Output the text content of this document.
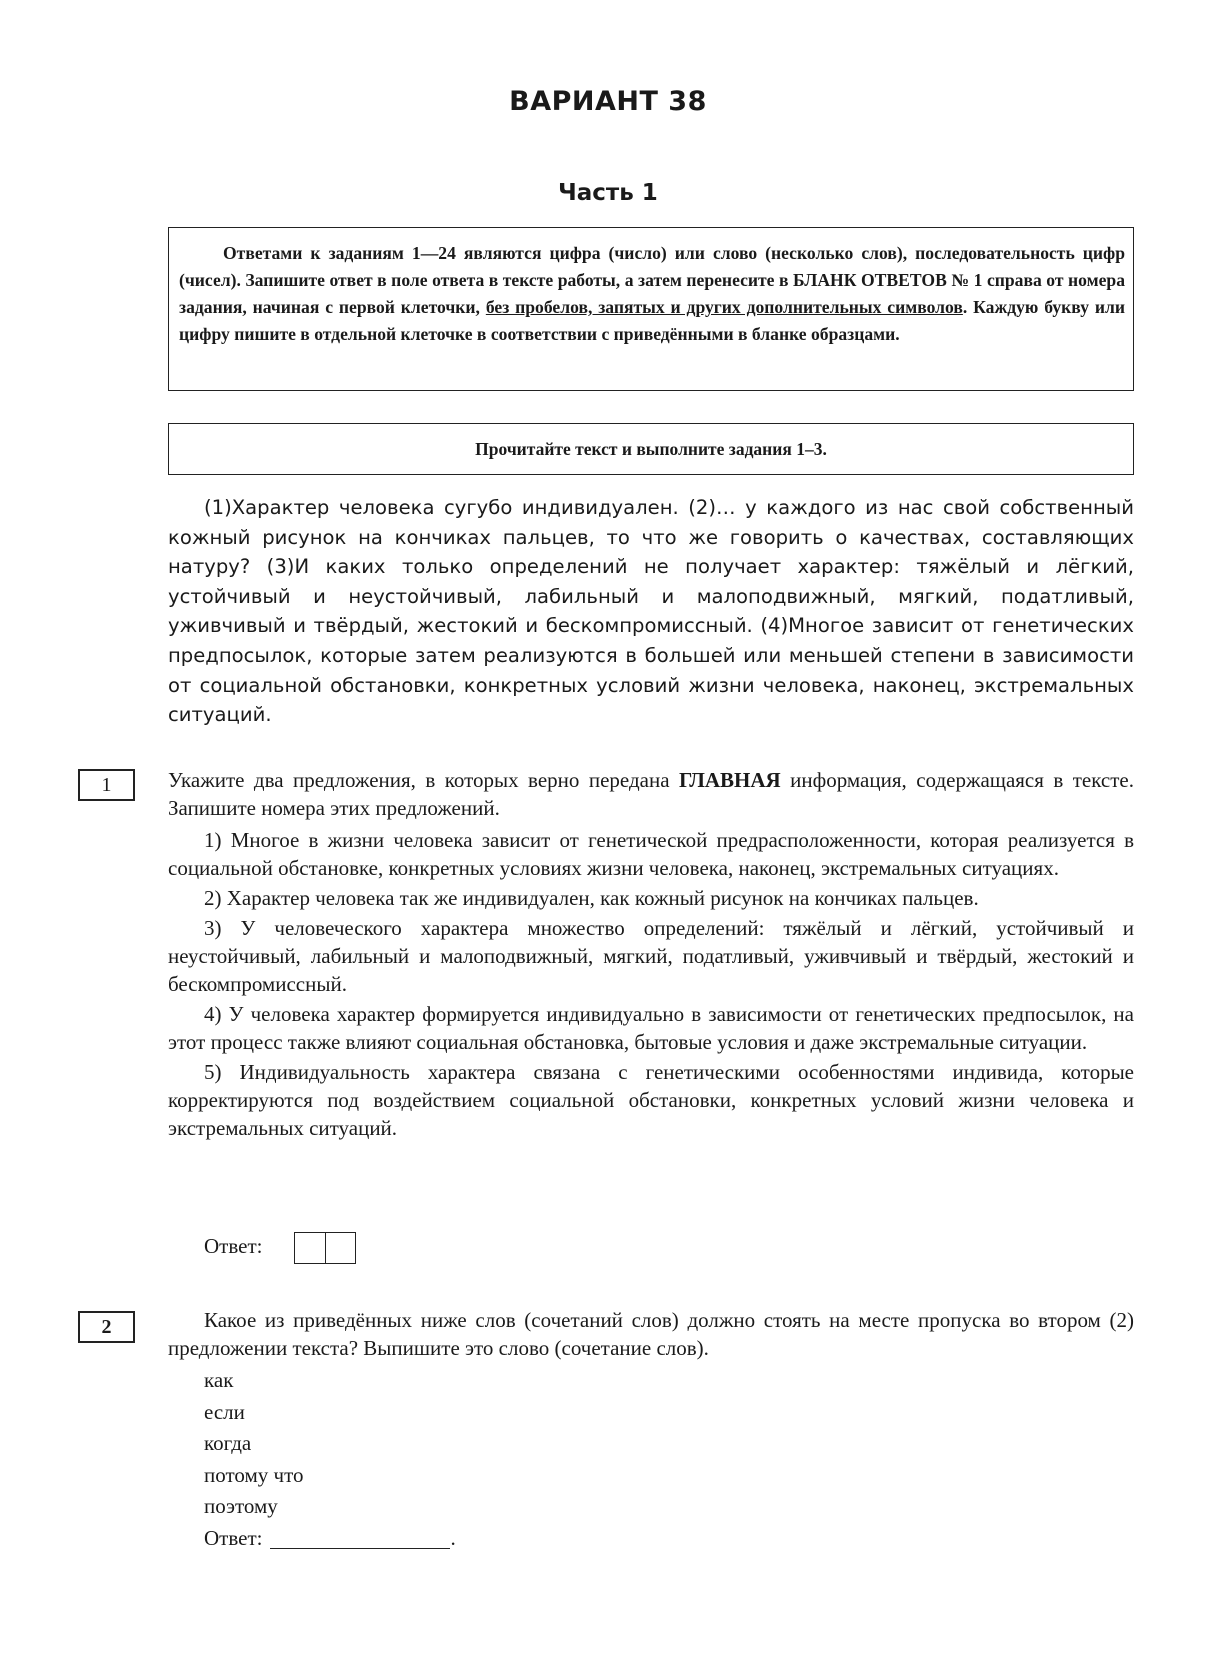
ВАРИАНТ 38
Часть 1
Ответами к заданиям 1—24 являются цифра (число) или слово (несколько слов), последовательность цифр (чисел). Запишите ответ в поле ответа в тексте работы, а затем перенесите в БЛАНК ОТВЕТОВ № 1 справа от номера задания, начиная с первой клеточки, без пробелов, запятых и других дополнительных символов. Каждую букву или цифру пишите в отдельной клеточке в соответствии с приведёнными в бланке образцами.
Прочитайте текст и выполните задания 1–3.
(1)Характер человека сугубо индивидуален. (2)… у каждого из нас свой собственный кожный рисунок на кончиках пальцев, то что же говорить о качествах, составляющих натуру? (3)И каких только определений не получает характер: тяжёлый и лёгкий, устойчивый и неустойчивый, лабильный и малоподвижный, мягкий, податливый, уживчивый и твёрдый, жестокий и бескомпромиссный. (4)Многое зависит от генетических предпосылок, которые затем реализуются в большей или меньшей степени в зависимости от социальной обстановки, конкретных условий жизни человека, наконец, экстремальных ситуаций.
1	Укажите два предложения, в которых верно передана ГЛАВНАЯ информация, содержащаяся в тексте. Запишите номера этих предложений.

1) Многое в жизни человека зависит от генетической предрасположенности, которая реализуется в социальной обстановке, конкретных условиях жизни человека, наконец, экстремальных ситуациях.

2) Характер человека так же индивидуален, как кожный рисунок на кончиках пальцев.

3) У человеческого характера множество определений: тяжёлый и лёгкий, устойчивый и неустойчивый, лабильный и малоподвижный, мягкий, податливый, уживчивый и твёрдый, жестокий и бескомпромиссный.

4) У человека характер формируется индивидуально в зависимости от генетических предпосылок, на этот процесс также влияют социальная обстановка, бытовые условия и даже экстремальные ситуации.

5) Индивидуальность характера связана с генетическими особенностями индивида, которые корректируются под воздействием социальной обстановки, конкретных условий жизни человека и экстремальных ситуаций.

Ответ:
2	Какое из приведённых ниже слов (сочетаний слов) должно стоять на месте пропуска во втором (2) предложении текста? Выпишите это слово (сочетание слов).

как
если
когда
потому что
поэтому
Ответ:	.
